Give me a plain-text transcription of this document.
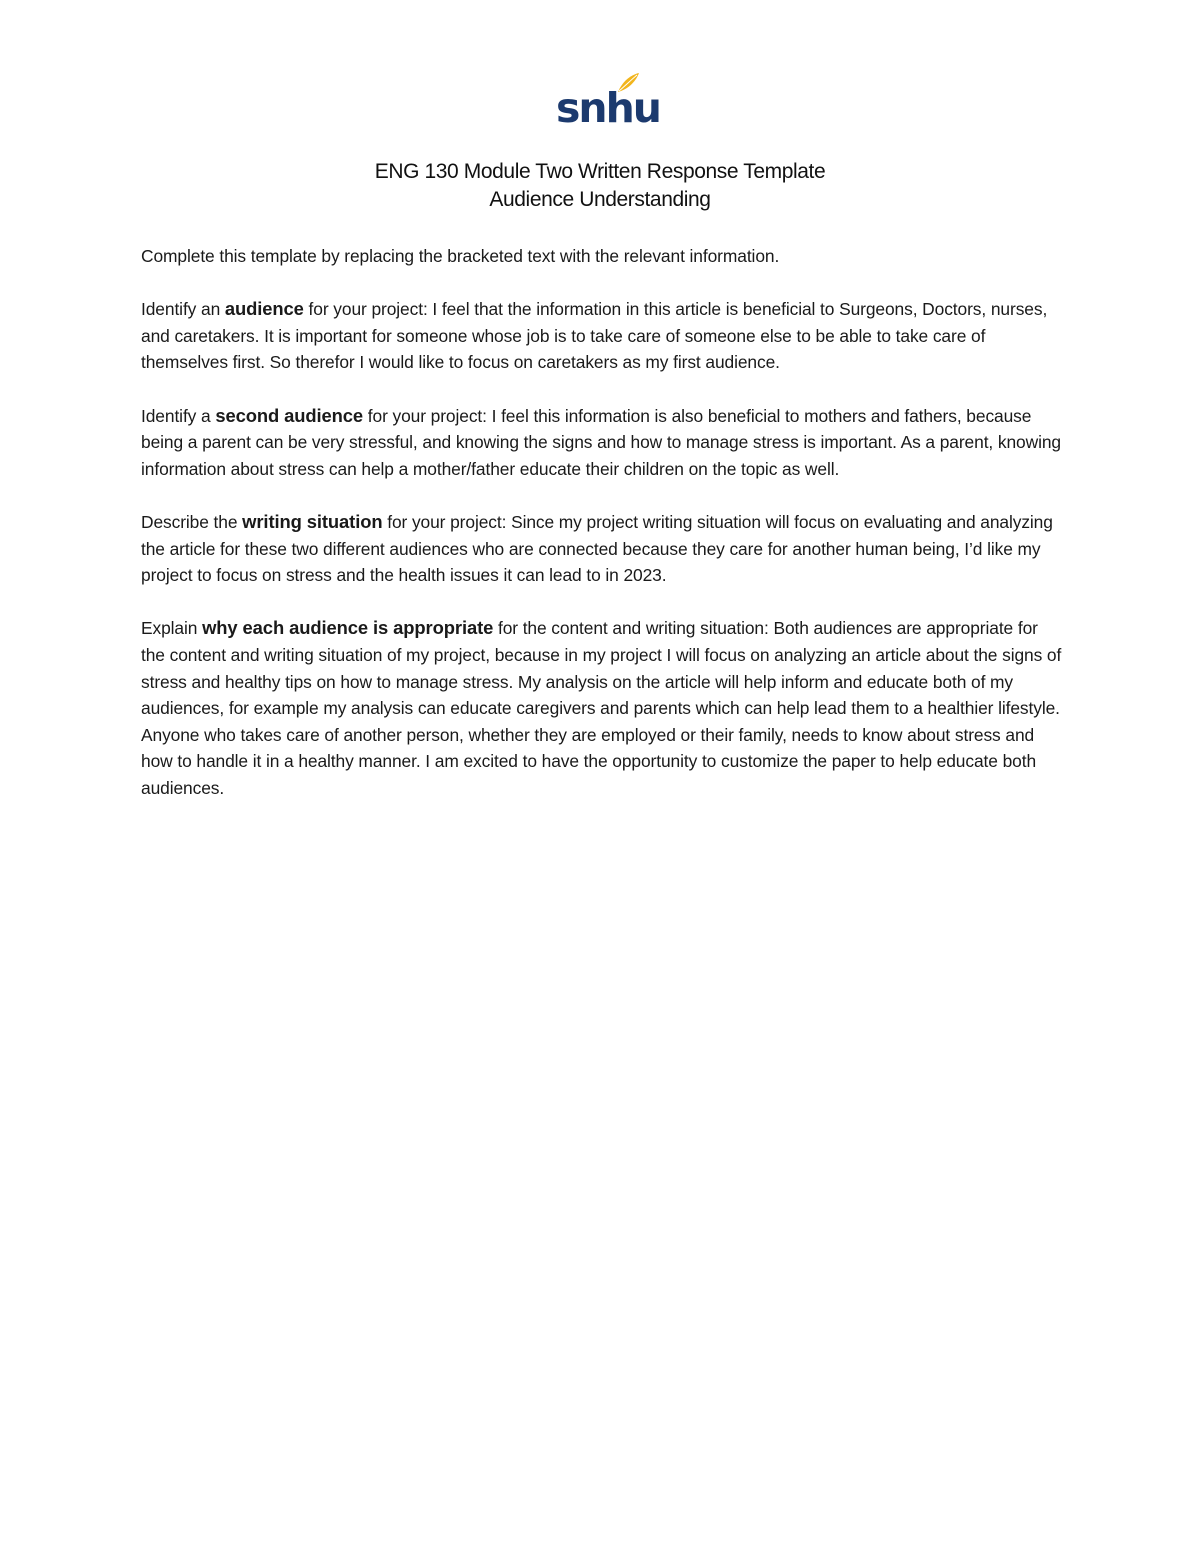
snhu
ENG 130 Module Two Written Response Template
Audience Understanding

Complete this template by replacing the bracketed text with the relevant information.

Identify an audience for your project: I feel that the information in this article is beneficial to Surgeons, Doctors, nurses, and caretakers. It is important for someone whose job is to take care of someone else to be able to take care of themselves first. So therefor I would like to focus on caretakers as my first audience.

Identify a second audience for your project: I feel this information is also beneficial to mothers and fathers, because being a parent can be very stressful, and knowing the signs and how to manage stress is important. As a parent, knowing information about stress can help a mother/father educate their children on the topic as well.

Describe the writing situation for your project: Since my project writing situation will focus on evaluating and analyzing the article for these two different audiences who are connected because they care for another human being, I’d like my project to focus on stress and the health issues it can lead to in 2023.

Explain why each audience is appropriate for the content and writing situation: Both audiences are appropriate for the content and writing situation of my project, because in my project I will focus on analyzing an article about the signs of stress and healthy tips on how to manage stress. My analysis on the article will help inform and educate both of my audiences, for example my analysis can educate caregivers and parents which can help lead them to a healthier lifestyle. Anyone who takes care of another person, whether they are employed or their family, needs to know about stress and how to handle it in a healthy manner. I am excited to have the opportunity to customize the paper to help educate both audiences.
